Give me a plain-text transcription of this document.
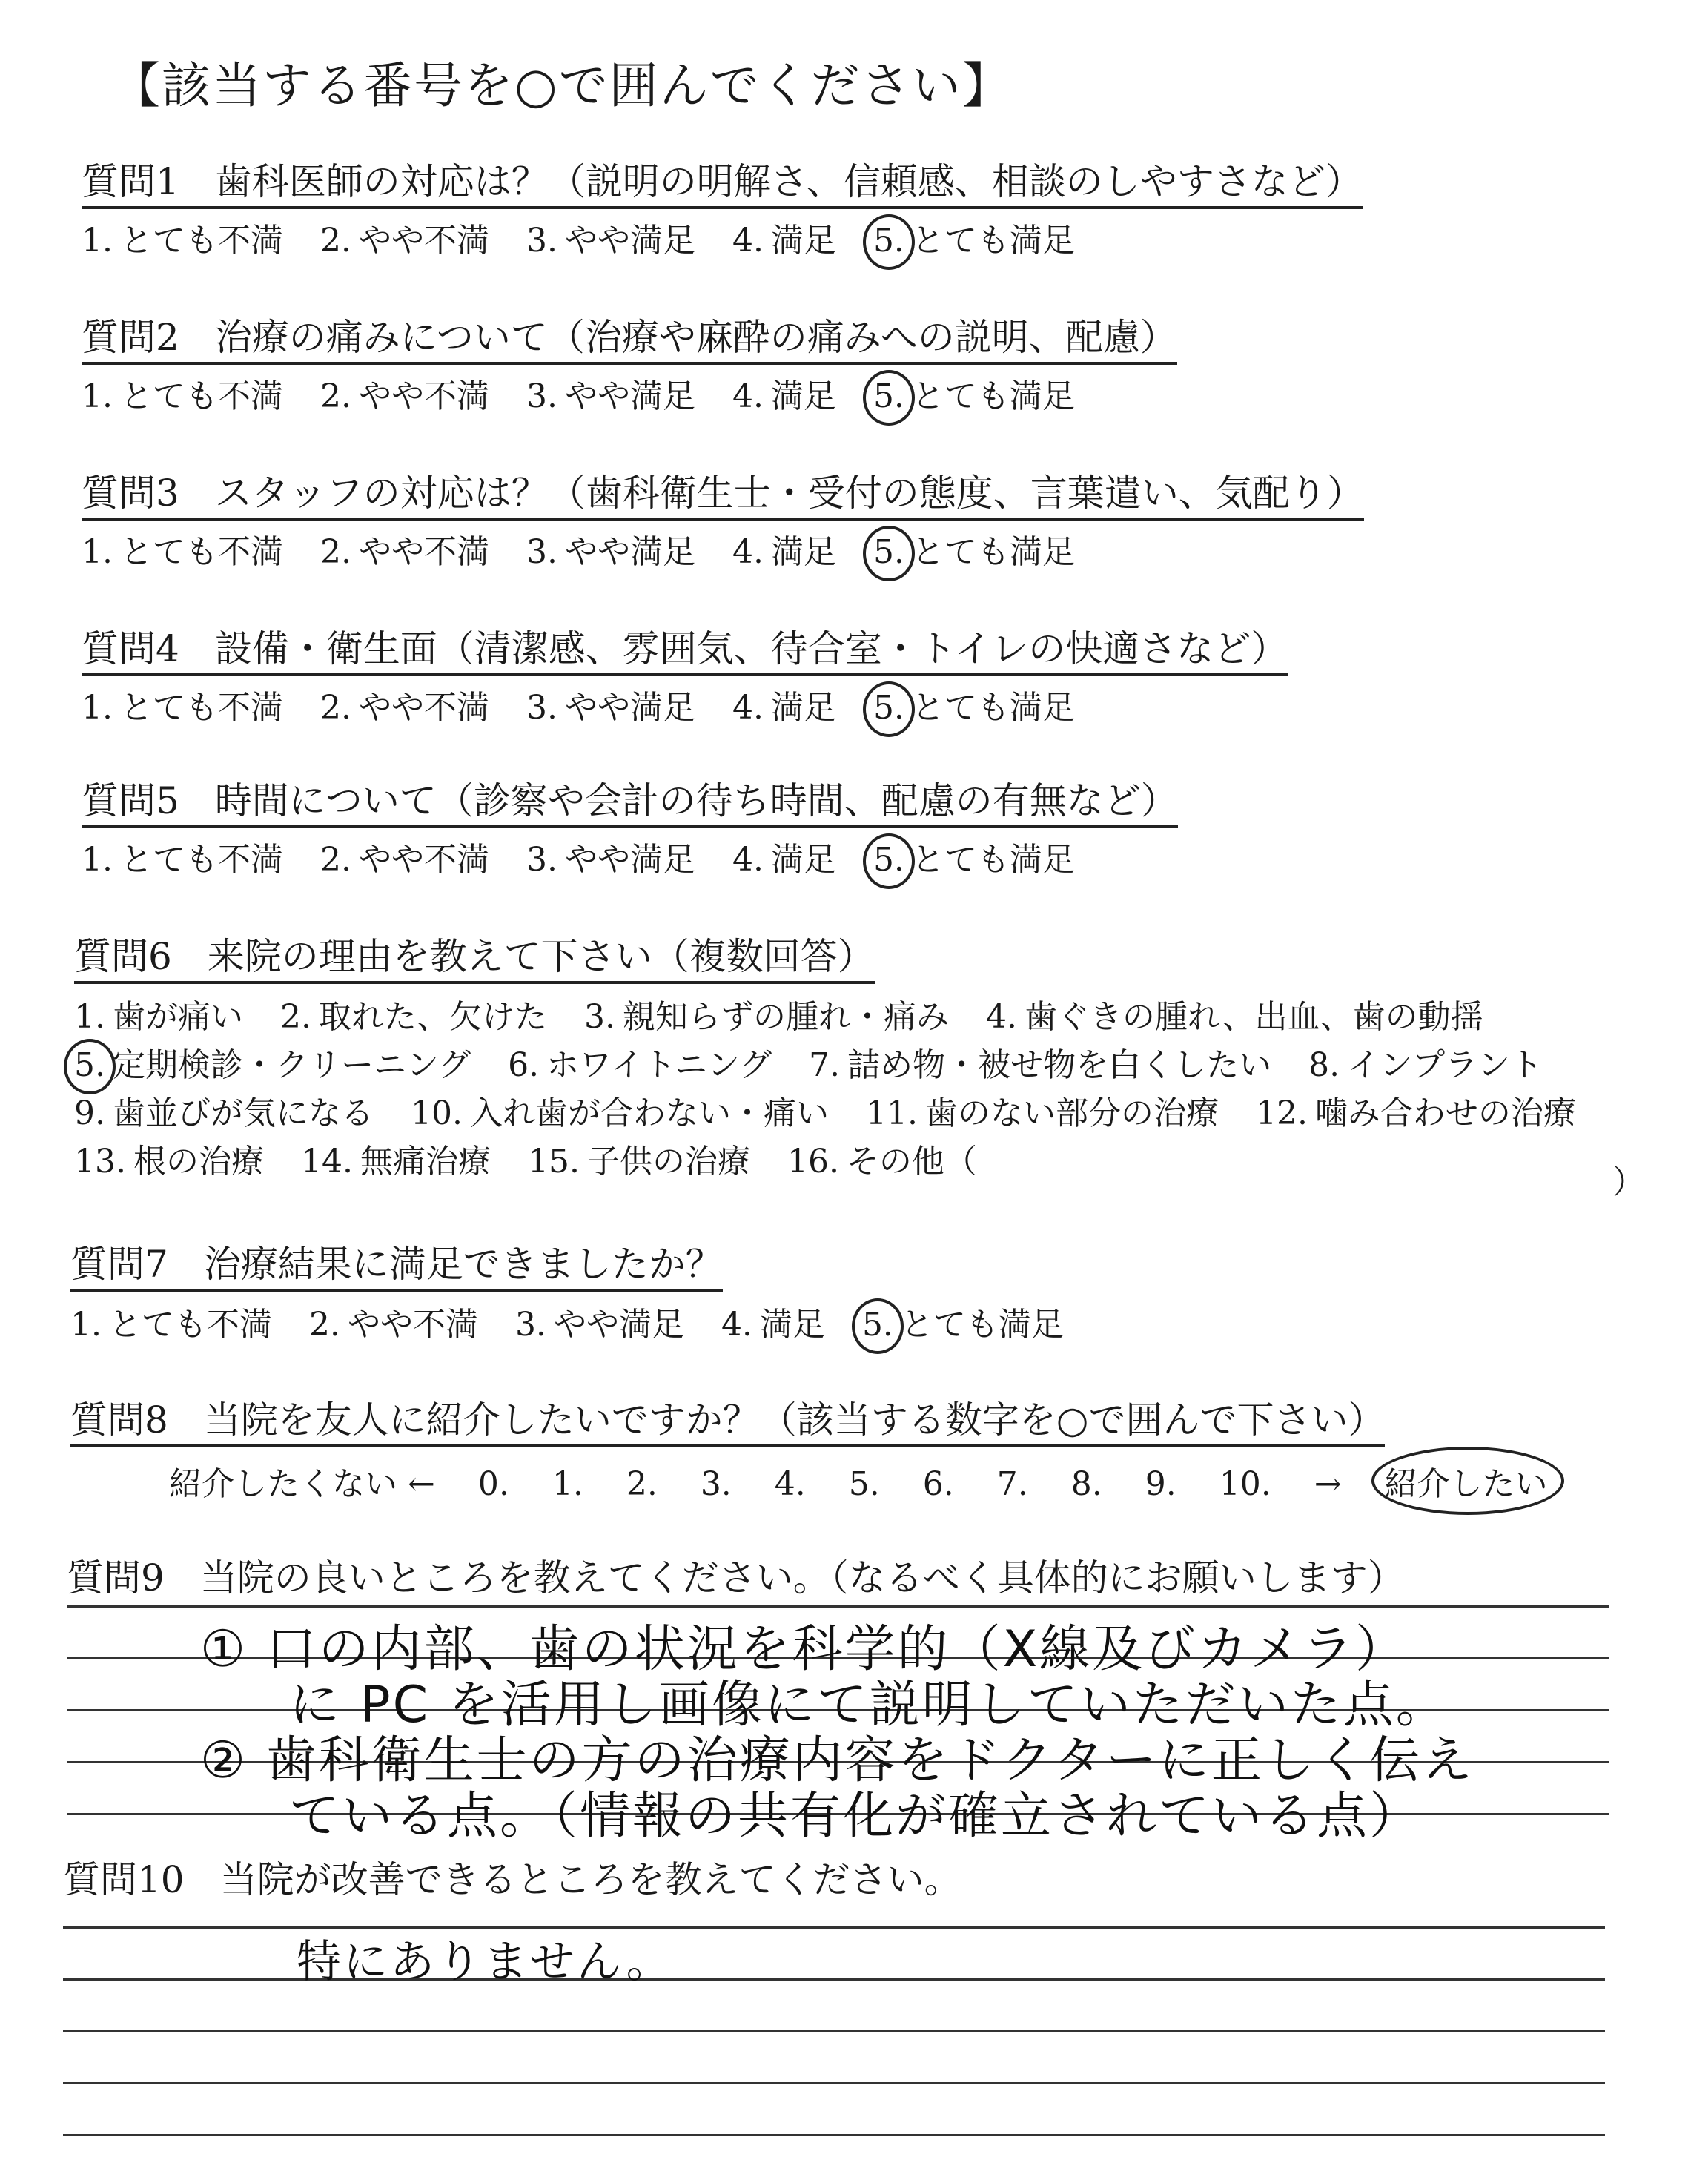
【該当する番号を○で囲んでください】
質問1 歯科医師の対応は？（説明の明解さ、信頼感、相談のしやすさなど）
1. とても不満 2. やや不満 3. やや満足 4. 満足 5. とても満足
質問2 治療の痛みについて（治療や麻酔の痛みへの説明、配慮）
1. とても不満 2. やや不満 3. やや満足 4. 満足 5. とても満足
質問3 スタッフの対応は？（歯科衛生士・受付の態度、言葉遣い、気配り）
1. とても不満 2. やや不満 3. やや満足 4. 満足 5. とても満足
質問4 設備・衛生面（清潔感、雰囲気、待合室・トイレの快適さなど）
1. とても不満 2. やや不満 3. やや満足 4. 満足 5. とても満足
質問5 時間について（診察や会計の待ち時間、配慮の有無など）
1. とても不満 2. やや不満 3. やや満足 4. 満足 5. とても満足
質問6 来院の理由を教えて下さい（複数回答）
1. 歯が痛い 2. 取れた、欠けた 3. 親知らずの腫れ・痛み 4. 歯ぐきの腫れ、出血、歯の動揺
5. 定期検診・クリーニング 6. ホワイトニング 7. 詰め物・被せ物を白くしたい 8. インプラント
9. 歯並びが気になる 10. 入れ歯が合わない・痛い 11. 歯のない部分の治療 12. 噛み合わせの治療
13. 根の治療 14. 無痛治療 15. 子供の治療 16. その他（
）
質問7 治療結果に満足できましたか？
1. とても不満 2. やや不満 3. やや満足 4. 満足 5. とても満足
質問8 当院を友人に紹介したいですか？（該当する数字を○で囲んで下さい）
紹介したくない ← 0. 1. 2. 3. 4. 5. 6. 7. 8. 9. 10. → 紹介したい
質問9 当院の良いところを教えてください。（なるべく具体的にお願いします）
① 口の内部、歯の状況を科学的（X線及びカメラ）
に PC を活用し画像にて説明していただいた点。
② 歯科衛生士の方の治療内容をドクターに正しく伝え
ている点。（情報の共有化が確立されている点）
質問10 当院が改善できるところを教えてください。
特にありません。
